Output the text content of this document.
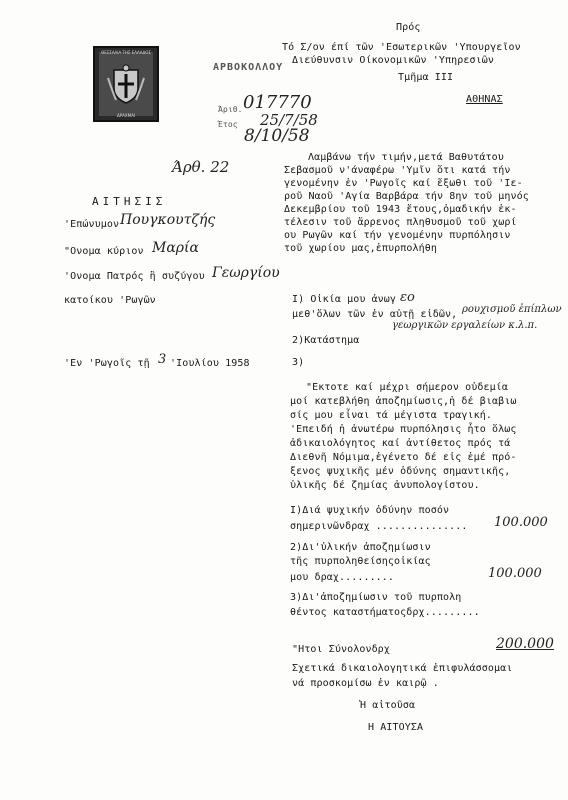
Πρός
Τό Σ/ον έπί τῶν 'Εσωτερικῶν 'Υπουργεῖον
Διεύθυνσιν Οίκονομικῶν 'Υπηρεσιῶν
ΑΡΒΟΚΟΛΛΟΥ
Τμῆμα ΙΙΙ
ΑΘΗΝΑΣ
ΘΕΣΣΑΛΙΑ ΤΗΣ ΕΛΛΑΔΟΣ
ΔΡΑΧΜΑΙ
Άριθ. 017770
Έτος 25/7/58
8/10/58
Άρθ. 22
Λαμβάνω τήν τιμήν,μετά Βαθυτάτου
Σεβασμοῦ ν'άναφέρω 'Υμῖν ὅτι κατά τήν
γενομένην ἐν 'Ρωγοῖς καί ἔξωθι τοῦ 'Ιε-
ροῦ Ναοῦ 'Αγία Βαρβάρα τήν 8ην τοῦ μηνός
Δεκεμβρίου τοῦ 1943 ἔτους,ὁμαδικήν ἐκ-
τέλεσιν τοῦ ἄρρενος πληθυσμοῦ τοῦ χωρί
ου Ρωγῶν καί τήν γενομένην πυρπόλησιν
τοῦ χωρίου μας,ἐπυρπολήθη
ΑΙΤΗΣΙΣ
'Επώνυμον Πουγκουτζής
"Ονομα κύριον Μαρία
'Ονομα Πατρός ἢ συζύγου Γεωργίου
κατοίκου 'Ρωγῶν
'Εν 'Ρωγοῖς τῇ 3 'Ιουλίου 1958
Ι) Οἰκία μου ἀνωγ εο
μεθ'ὅλων τῶν ἐν αὐτῇ εἰδῶν, ρουχισμοῦ ἐπίπλων
γεωργικῶν εργαλείων κ.λ.π.
2)Κατάστημα
3)
"Εκτοτε καί μέχρι σήμερον οὐδεμία
μοί κατεβλήθη ἀποζημίωσις,ἡ δέ βιαβιω
σίς μου εἶναι τά μέγιστα τραγική.
'Επειδή ἡ ἀνωτέρω πυρπόλησις ἦτο ὅλως
ἀδικαιολόγητος καί ἀντίθετος πρός τά
Διεθνῆ Νόμιμα,ἐγένετο δέ εἰς ἐμέ πρό-
ξενος ψυχικῆς μέν ὀδύνης σημαντικῆς,
ὑλικῆς δέ ζημίας ἀνυπολογίστου.
Ι)Διά ψυχικήν ὀδύνην ποσόν
σημερινῶνδραχ ............... 100.000
2)Δι'ὑλικήν ἀποζημίωσιν
τῆς πυρποληθείσηςοἰκίας
μου δραχ.........	100.000
3)Δι'ἀποζημίωσιν τοῦ πυρπολη
θέντος καταστήματοςδρχ.........
"Ητοι Σύνολονδρχ	200.000
Σχετικά δικαιολογητικά ἐπιφυλάσσομαι
νά προσκομίσω ἐν καιρῷ .
Ἡ αἰτοῦσα
Η ΑΙΤΟΥΣΑ
